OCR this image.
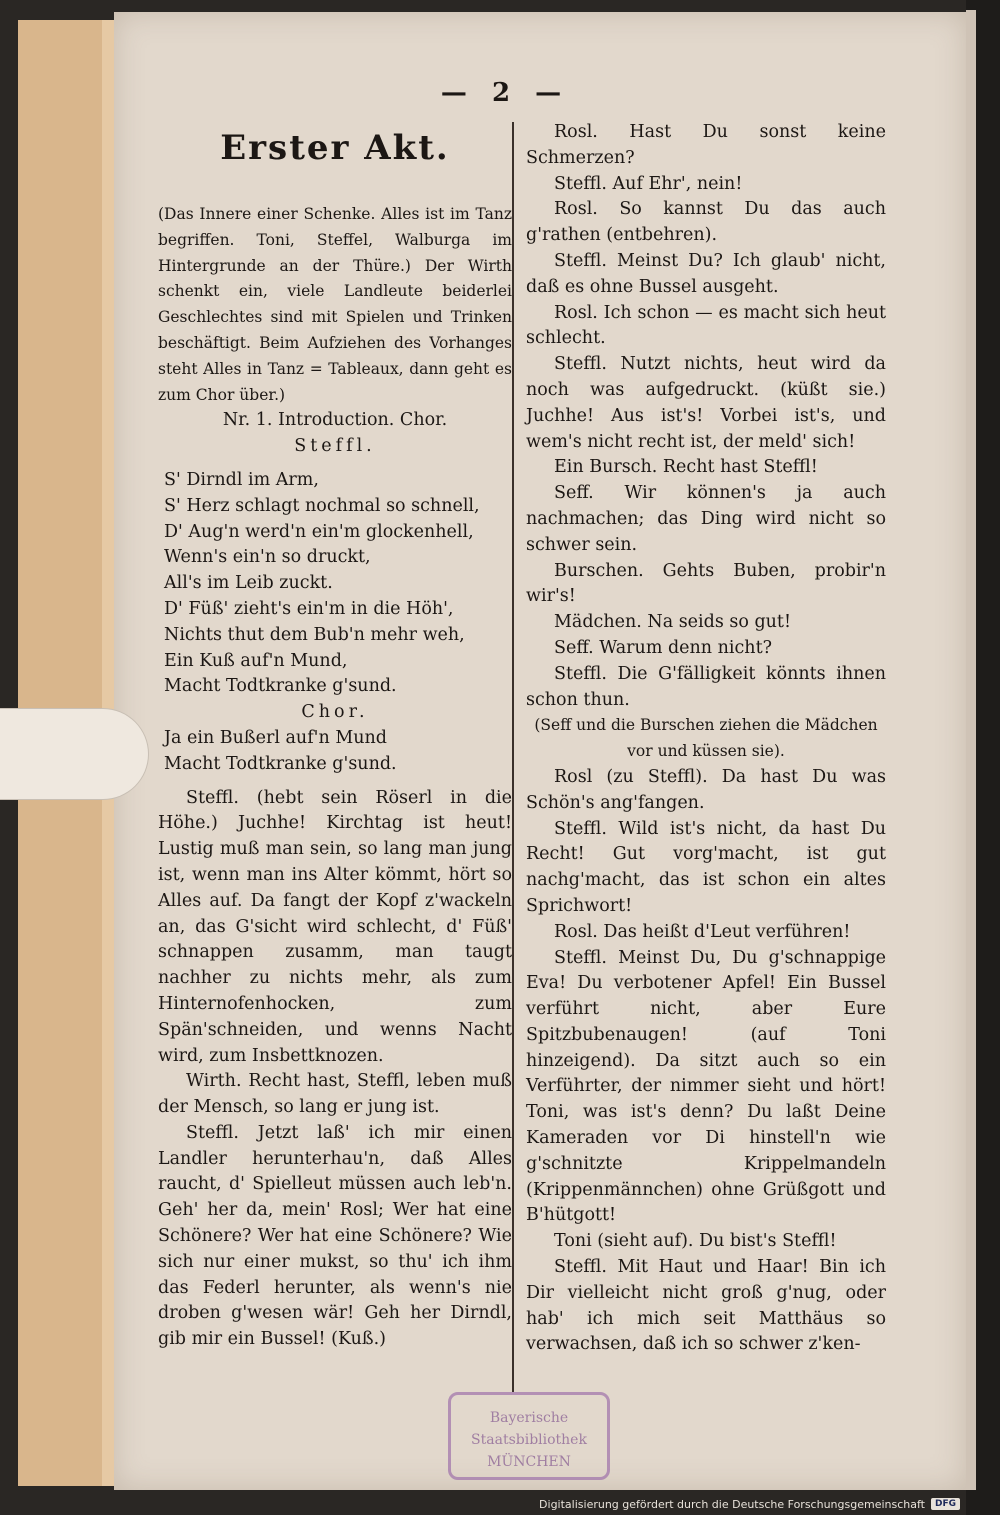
— 2 —
Erster Akt.

(Das Innere einer Schenke. Alles ist im Tanz begriffen. Toni, Steffel, Walburga im Hintergrunde an der Thüre.) Der Wirth schenkt ein, viele Landleute beiderlei Geschlechtes sind mit Spielen und Trinken beschäftigt. Beim Aufziehen des Vorhanges steht Alles in Tanz = Tableaux, dann geht es zum Chor über.)

Nr. 1. Introduction. Chor.

Steffl.

S' Dirndl im Arm,

S' Herz schlagt nochmal so schnell,

D' Aug'n werd'n ein'm glockenhell,

Wenn's ein'n so druckt,

All's im Leib zuckt.

D' Füß' zieht's ein'm in die Höh',

Nichts thut dem Bub'n mehr weh,

Ein Kuß auf'n Mund,

Macht Todtkranke g'sund.

Chor.

Ja ein Bußerl auf'n Mund

Macht Todtkranke g'sund.

Steffl. (hebt sein Röserl in die Höhe.) Juchhe! Kirchtag ist heut! Lustig muß man sein, so lang man jung ist, wenn man ins Alter kömmt, hört so Alles auf. Da fangt der Kopf z'wackeln an, das G'sicht wird schlecht, d' Füß' schnappen zusamm, man taugt nachher zu nichts mehr, als zum Hinternofenhocken, zum Spän'schneiden, und wenns Nacht wird, zum Insbettknozen.

Wirth. Recht hast, Steffl, leben muß der Mensch, so lang er jung ist.

Steffl. Jetzt laß' ich mir einen Landler herunterhau'n, daß Alles raucht, d' Spielleut müssen auch leb'n. Geh' her da, mein' Rosl; Wer hat eine Schönere? Wer hat eine Schönere? Wie sich nur einer mukst, so thu' ich ihm das Federl herunter, als wenn's nie droben g'wesen wär! Geh her Dirndl, gib mir ein Bussel! (Kuß.)

Rosl. Hast Du sonst keine Schmerzen?

Steffl. Auf Ehr', nein!

Rosl. So kannst Du das auch g'rathen (entbehren).

Steffl. Meinst Du? Ich glaub' nicht, daß es ohne Bussel ausgeht.

Rosl. Ich schon — es macht sich heut schlecht.

Steffl. Nutzt nichts, heut wird da noch was aufgedruckt. (küßt sie.) Juchhe! Aus ist's! Vorbei ist's, und wem's nicht recht ist, der meld' sich!

Ein Bursch. Recht hast Steffl!

Seff. Wir können's ja auch nachmachen; das Ding wird nicht so schwer sein.

Burschen. Gehts Buben, probir'n wir's!

Mädchen. Na seids so gut!

Seff. Warum denn nicht?

Steffl. Die G'fälligkeit könnts ihnen schon thun.

(Seff und die Burschen ziehen die Mädchen vor und küssen sie).

Rosl (zu Steffl). Da hast Du was Schön's ang'fangen.

Steffl. Wild ist's nicht, da hast Du Recht! Gut vorg'macht, ist gut nachg'macht, das ist schon ein altes Sprichwort!

Rosl. Das heißt d'Leut verführen!

Steffl. Meinst Du, Du g'schnappige Eva! Du verbotener Apfel! Ein Bussel verführt nicht, aber Eure Spitzbubenaugen! (auf Toni hinzeigend). Da sitzt auch so ein Verführter, der nimmer sieht und hört! Toni, was ist's denn? Du laßt Deine Kameraden vor Di hinstell'n wie g'schnitzte Krippelmandeln (Krippenmännchen) ohne Grüßgott und B'hütgott!

Toni (sieht auf). Du bist's Steffl!

Steffl. Mit Haut und Haar! Bin ich Dir vielleicht nicht groß g'nug, oder hab' ich mich seit Matthäus so verwachsen, daß ich so schwer z'ken-

Bayerische
Staatsbibliothek
MÜNCHEN
Digitalisierung gefördert durch die Deutsche Forschungsgemeinschaft	DFG
